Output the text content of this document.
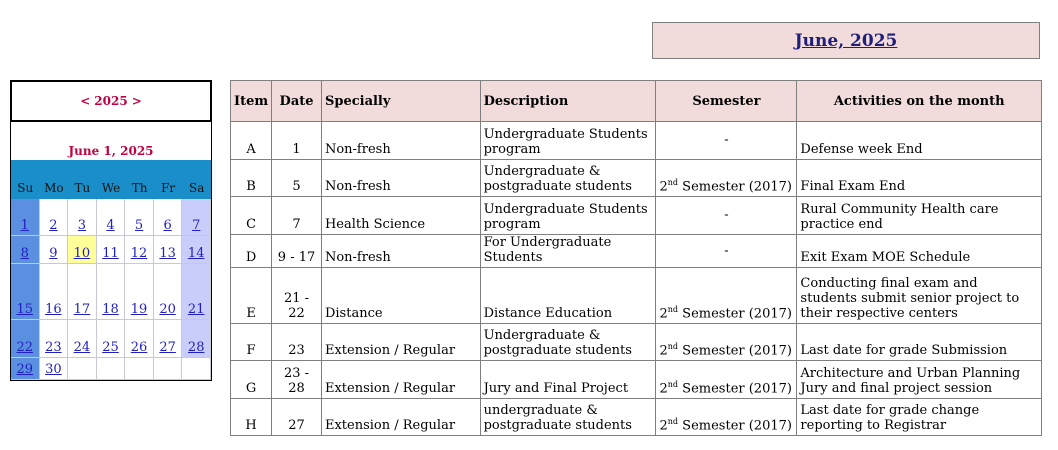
June, 2025
< 2025 >
June 1, 2025
Su Mo Tu We Th	Fr	Sa
1	2	3	4	5	6	7
8	9	10 11 12 13 14
15 16 17 18 19 20 21
22 23 24 25 26 27 28
29 30
Item	Date	Specially	Description	Semester	Activities on the month
A	1	Non-fresh	Undergraduate Students program	-	Defense week End
B	5	Non-fresh	Undergraduate & postgraduate students	2nd Semester (2017)	Final Exam End
C	7	Health Science	Undergraduate Students program	-	Rural Community Health care practice end
D	9 - 17	Non-fresh	For Undergraduate Students	-	Exit Exam MOE Schedule
E	21 - 22	Distance	Distance Education	2nd Semester (2017)	Conducting final exam and students submit senior project to their respective centers
F	23	Extension / Regular	Undergraduate & postgraduate students	2nd Semester (2017)	Last date for grade Submission
G	23 - 28	Extension / Regular	Jury and Final Project	2nd Semester (2017)	Architecture and Urban Planning Jury and final project session
H	27	Extension / Regular	undergraduate & postgraduate students	2nd Semester (2017)	Last date for grade change reporting to Registrar
